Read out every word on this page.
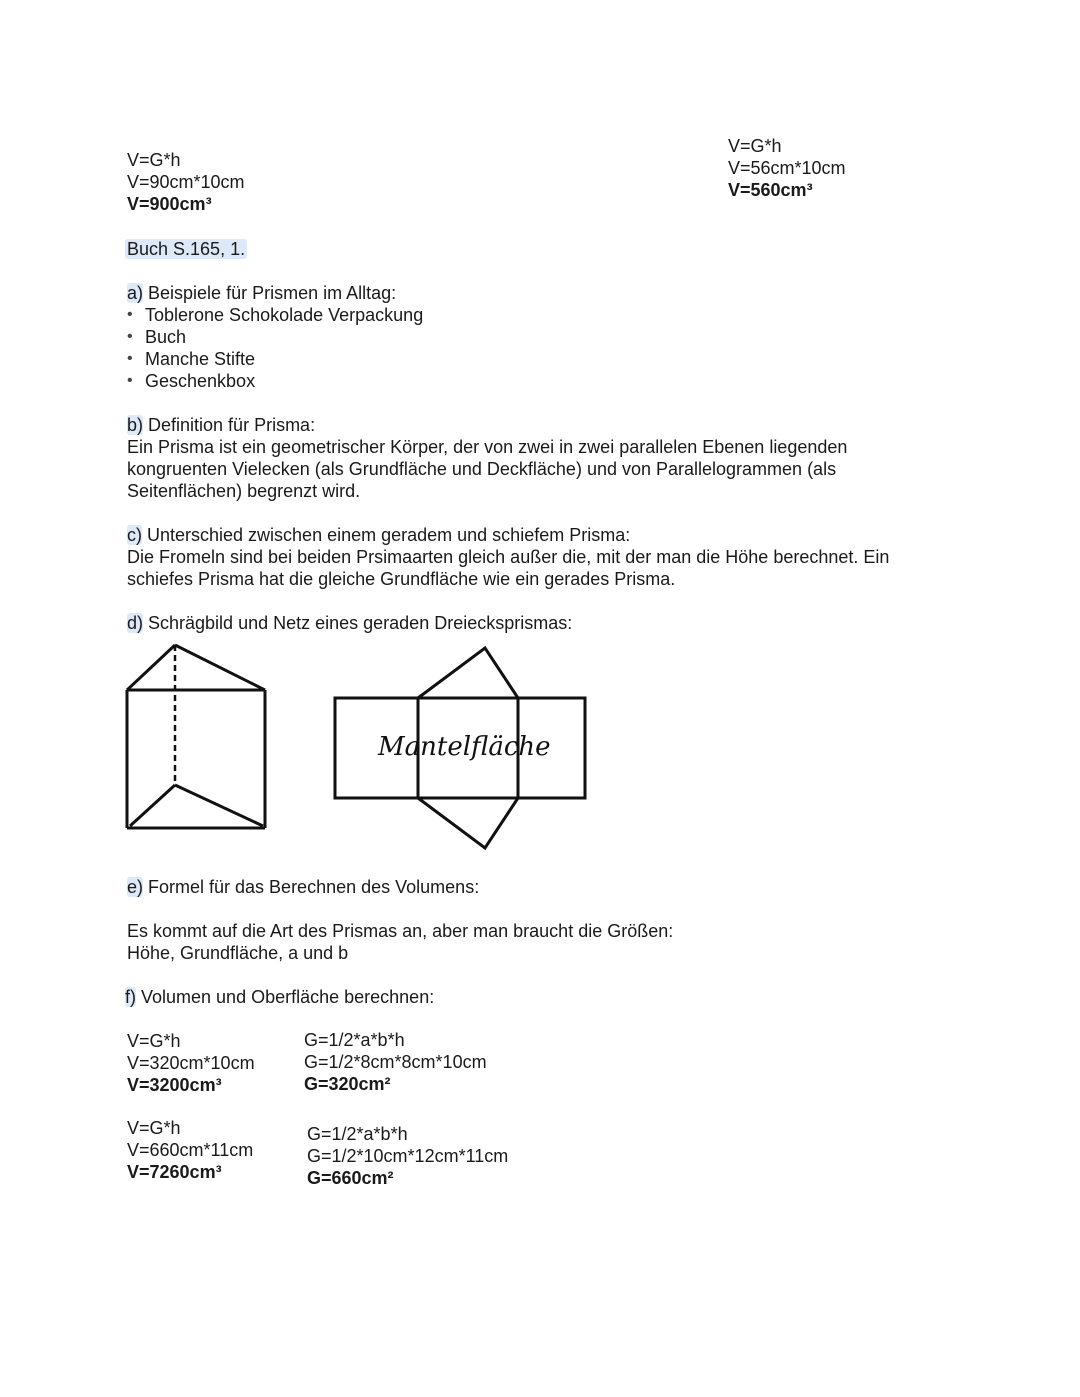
V=G*h
V=90cm*10cm
V=900cm³
V=G*h
V=56cm*10cm
V=560cm³
Buch S.165, 1.
a) Beispiele für Prismen im Alltag:
• Toblerone Schokolade Verpackung
• Buch
• Manche Stifte
• Geschenkbox
b) Definition für Prisma:
Ein Prisma ist ein geometrischer Körper, der von zwei in zwei parallelen Ebenen liegenden
kongruenten Vielecken (als Grundfläche und Deckfläche) und von Parallelogrammen (als
Seitenflächen) begrenzt wird.
c) Unterschied zwischen einem geradem und schiefem Prisma:
Die Fromeln sind bei beiden Prsimaarten gleich außer die, mit der man die Höhe berechnet. Ein
schiefes Prisma hat die gleiche Grundfläche wie ein gerades Prisma.
d) Schrägbild und Netz eines geraden Dreiecksprismas:
Mantelfläche
e) Formel für das Berechnen des Volumens:
Es kommt auf die Art des Prismas an, aber man braucht die Größen:
Höhe, Grundfläche, a und b
f) Volumen und Oberfläche berechnen:
V=G*h
V=320cm*10cm
V=3200cm³
G=1/2*a*b*h
G=1/2*8cm*8cm*10cm
G=320cm²
V=G*h
V=660cm*11cm
V=7260cm³
G=1/2*a*b*h
G=1/2*10cm*12cm*11cm
G=660cm²
